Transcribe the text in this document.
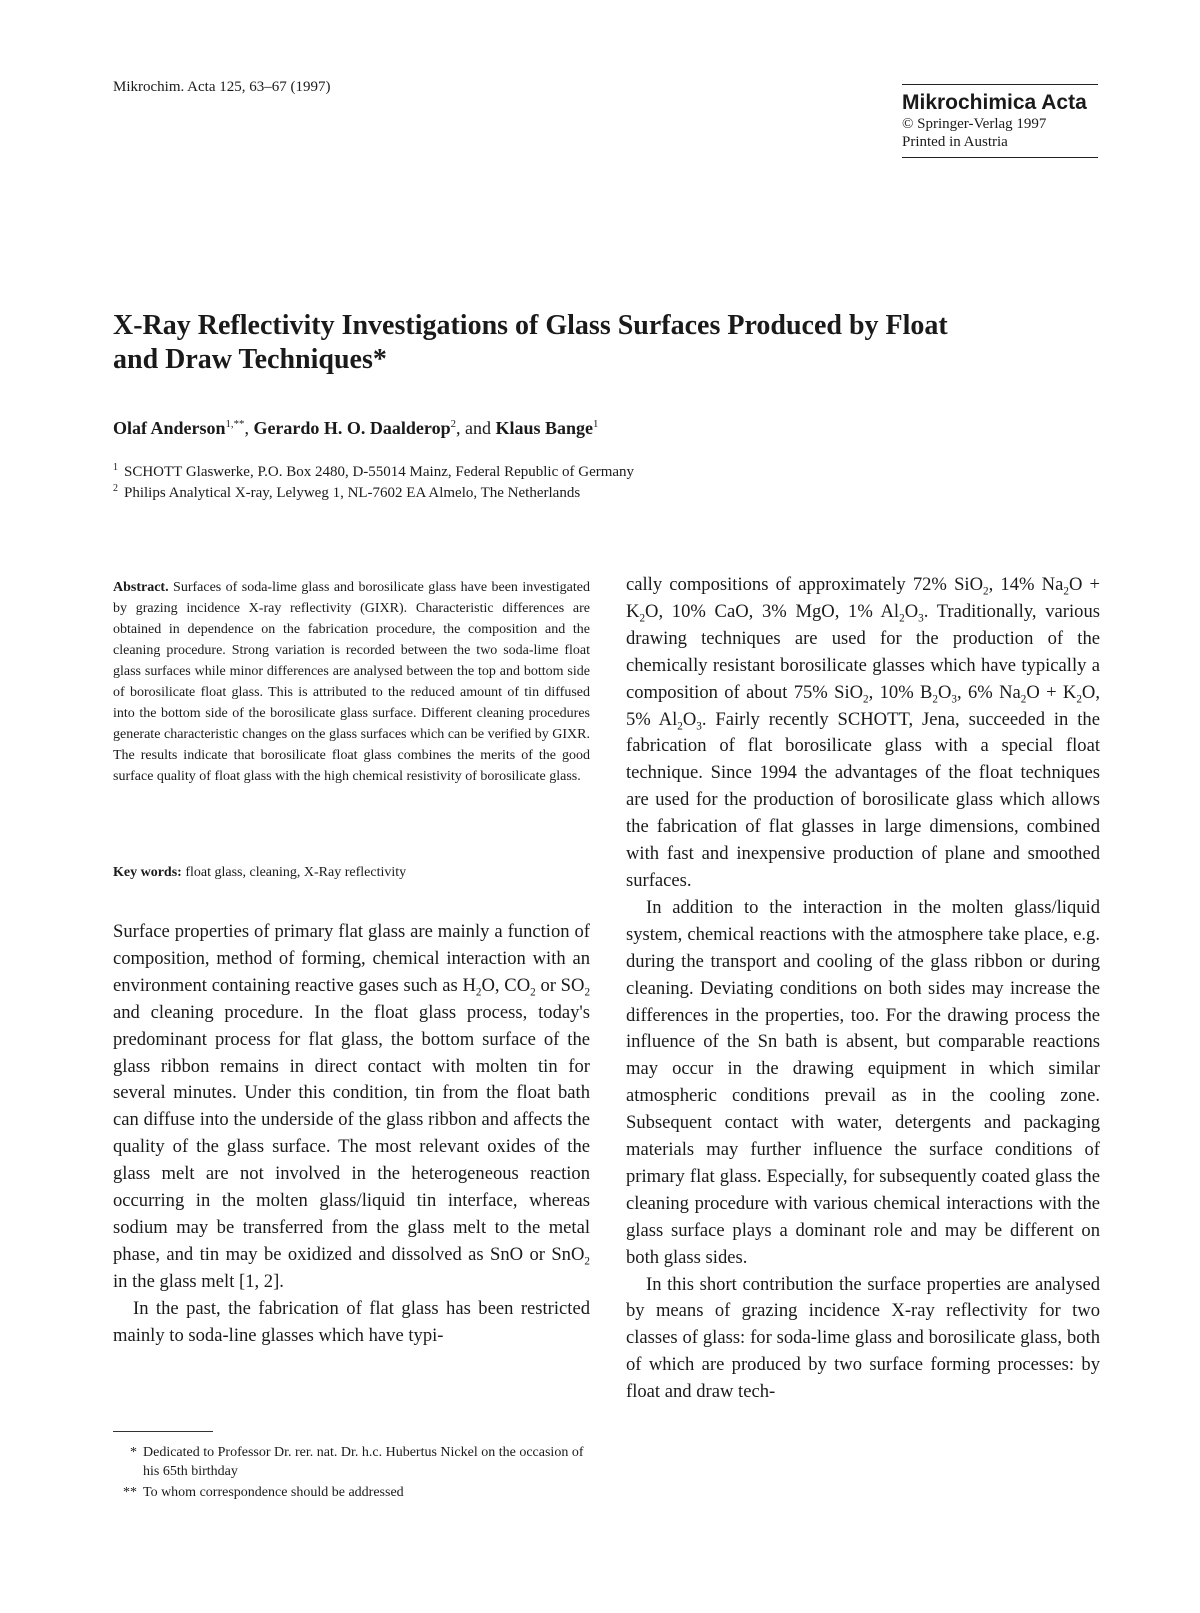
Mikrochim. Acta 125, 63–67 (1997)
Mikrochimica Acta
© Springer-Verlag 1997
Printed in Austria
X-Ray Reflectivity Investigations of Glass Surfaces Produced by Float
and Draw Techniques*
Olaf Anderson$^{1,**}$, Gerardo H. O. Daalderop$^2$, and Klaus Bange$^1$
$^1$ SCHOTT Glaswerke, P.O. Box 2480, D-55014 Mainz, Federal Republic of Germany
$^2$ Philips Analytical X-ray, Lelyweg 1, NL-7602 EA Almelo, The Netherlands
Abstract. Surfaces of soda-lime glass and borosilicate glass have been investigated by grazing incidence X-ray reflectivity (GIXR). Characteristic differences are obtained in dependence on the fabrication procedure, the composition and the cleaning procedure. Strong variation is recorded between the two soda-lime float glass surfaces while minor differences are analysed between the top and bottom side of borosilicate float glass. This is attributed to the reduced amount of tin diffused into the bottom side of the borosilicate glass surface. Different cleaning procedures generate characteristic changes on the glass surfaces which can be verified by GIXR. The results indicate that borosilicate float glass combines the merits of the good surface quality of float glass with the high chemical resistivity of borosilicate glass.
Key words: float glass, cleaning, X-Ray reflectivity

Surface properties of primary flat glass are mainly a function of composition, method of forming, chemical interaction with an environment containing reactive gases such as $H_2O$, $CO_2$ or $SO_2$ and cleaning procedure. In the float glass process, today's predominant process for flat glass, the bottom surface of the glass ribbon remains in direct contact with molten tin for several minutes. Under this condition, tin from the float bath can diffuse into the underside of the glass ribbon and affects the quality of the glass surface. The most relevant oxides of the glass melt are not involved in the heterogeneous reaction occurring in the molten glass/liquid tin interface, whereas sodium may be transferred from the glass melt to the metal phase, and tin may be oxidized and dissolved as SnO or SnO$_2$ in the glass melt [1, 2].

In the past, the fabrication of flat glass has been restricted mainly to soda-line glasses which have typi-

cally compositions of approximately 72% SiO$_2$, 14% $Na_2O + K_2O$, 10% CaO, 3% MgO, 1% $Al_2O_3$. Traditionally, various drawing techniques are used for the production of the chemically resistant borosilicate glasses which have typically a composition of about 75% SiO$_2$, 10% $B_2O_3$, 6% $Na_2O + K_2O$, 5% $Al_2O_3$. Fairly recently SCHOTT, Jena, succeeded in the fabrication of flat borosilicate glass with a special float technique. Since 1994 the advantages of the float techniques are used for the production of borosilicate glass which allows the fabrication of flat glasses in large dimensions, combined with fast and inexpensive production of plane and smoothed surfaces.

In addition to the interaction in the molten glass/liquid system, chemical reactions with the atmosphere take place, e.g. during the transport and cooling of the glass ribbon or during cleaning. Deviating conditions on both sides may increase the differences in the properties, too. For the drawing process the influence of the Sn bath is absent, but comparable reactions may occur in the drawing equipment in which similar atmospheric conditions prevail as in the cooling zone. Subsequent contact with water, detergents and packaging materials may further influence the surface conditions of primary flat glass. Especially, for subsequently coated glass the cleaning procedure with various chemical interactions with the glass surface plays a dominant role and may be different on both glass sides.

In this short contribution the surface properties are analysed by means of grazing incidence X-ray reflectivity for two classes of glass: for soda-lime glass and borosilicate glass, both of which are produced by two surface forming processes: by float and draw tech-

* Dedicated to Professor Dr. rer. nat. Dr. h.c. Hubertus Nickel on the occasion of his 65th birthday
** To whom correspondence should be addressed
